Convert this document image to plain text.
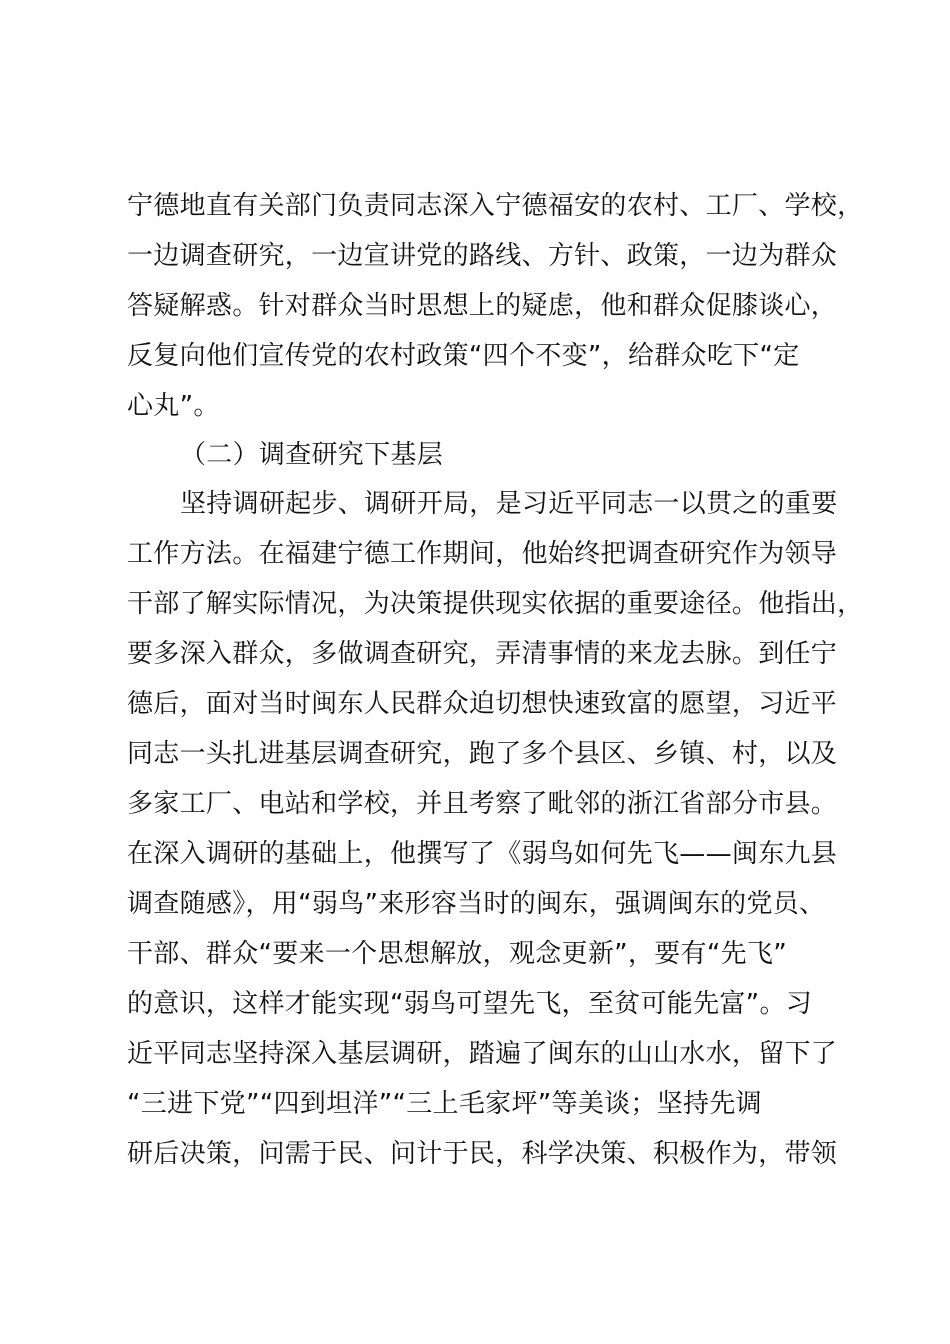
宁德地直有关部门负责同志深入宁德福安的农村、工厂、学校，
一边调查研究，一边宣讲党的路线、方针、政策，一边为群众
答疑解惑。针对群众当时思想上的疑虑，他和群众促膝谈心，
反复向他们宣传党的农村政策“四个不变”，给群众吃下“定
心丸”。
（二）调查研究下基层
坚持调研起步、调研开局，是习近平同志一以贯之的重要
工作方法。在福建宁德工作期间，他始终把调查研究作为领导
干部了解实际情况，为决策提供现实依据的重要途径。他指出，
要多深入群众，多做调查研究，弄清事情的来龙去脉。到任宁
德后，面对当时闽东人民群众迫切想快速致富的愿望，习近平
同志一头扎进基层调查研究，跑了多个县区、乡镇、村，以及
多家工厂、电站和学校，并且考察了毗邻的浙江省部分市县。
在深入调研的基础上，他撰写了《弱鸟如何先飞——闽东九县
调查随感》，用“弱鸟”来形容当时的闽东，强调闽东的党员、
干部、群众“要来一个思想解放，观念更新”，要有“先飞”
的意识，这样才能实现“弱鸟可望先飞，至贫可能先富”。习
近平同志坚持深入基层调研，踏遍了闽东的山山水水，留下了
“三进下党”“四到坦洋”“三上毛家坪”等美谈；坚持先调
研后决策，问需于民、问计于民，科学决策、积极作为，带领
